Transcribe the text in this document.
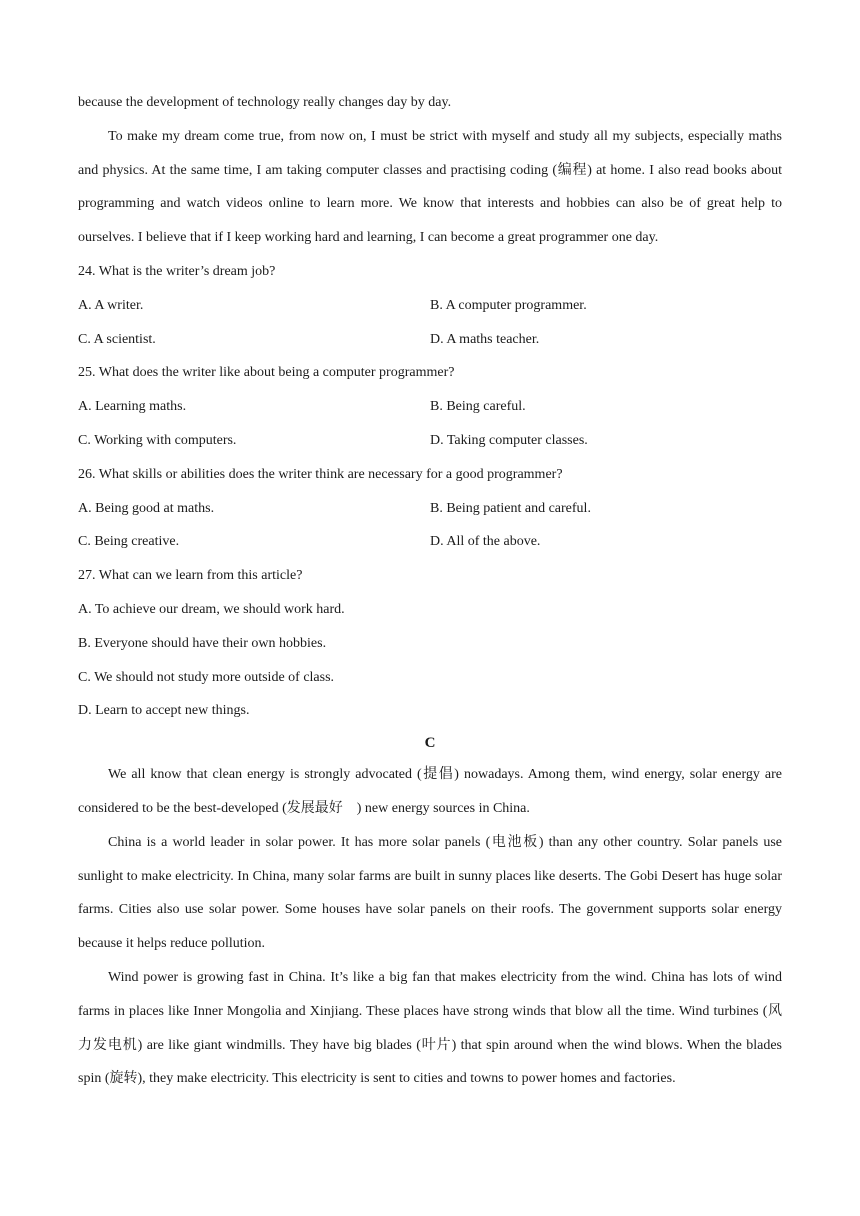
because the development of technology really changes day by day.

To make my dream come true, from now on, I must be strict with myself and study all my subjects, especially maths and physics. At the same time, I am taking computer classes and practising coding (编程) at home. I also read books about programming and watch videos online to learn more. We know that interests and hobbies can also be of great help to ourselves. I believe that if I keep working hard and learning, I can become a great programmer one day.

24. What is the writer’s dream job?
A. A writer.	B. A computer programmer.
C. A scientist.	D. A maths teacher.
25. What does the writer like about being a computer programmer?
A. Learning maths.	B. Being careful.
C. Working with computers.	D. Taking computer classes.
26. What skills or abilities does the writer think are necessary for a good programmer?
A. Being good at maths.	B. Being patient and careful.
C. Being creative.	D. All of the above.
27. What can we learn from this article?
A. To achieve our dream, we should work hard.
B. Everyone should have their own hobbies.
C. We should not study more outside of class.
D. Learn to accept new things.
C

We all know that clean energy is strongly advocated (提倡) nowadays. Among them, wind energy, solar energy are considered to be the best-developed (发展最好　) new energy sources in China.

China is a world leader in solar power. It has more solar panels (电池板) than any other country. Solar panels use sunlight to make electricity. In China, many solar farms are built in sunny places like deserts. The Gobi Desert has huge solar farms. Cities also use solar power. Some houses have solar panels on their roofs. The government supports solar energy because it helps reduce pollution.

Wind power is growing fast in China. It’s like a big fan that makes electricity from the wind. China has lots of wind farms in places like Inner Mongolia and Xinjiang. These places have strong winds that blow all the time. Wind turbines (风力发电机) are like giant windmills. They have big blades (叶片) that spin around when the wind blows. When the blades spin (旋转), they make electricity. This electricity is sent to cities and towns to power homes and factories.
